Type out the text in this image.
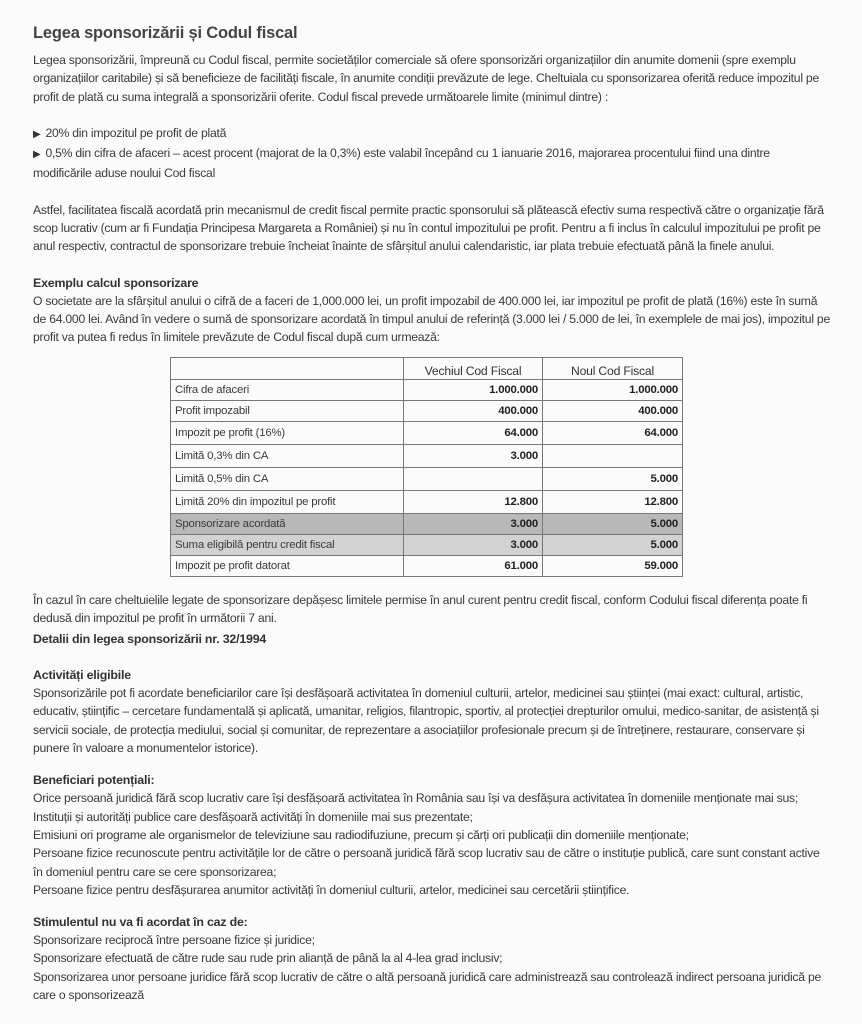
Legea sponsorizării și Codul fiscal

Legea sponsorizării, împreună cu Codul fiscal, permite societăților comerciale să ofere sponsorizări organizațiilor din anumite domenii (spre exemplu organizațiilor caritabile) și să beneficieze de facilități fiscale, în anumite condiții prevăzute de lege. Cheltuiala cu sponsorizarea oferită reduce impozitul pe profit de plată cu suma integrală a sponsorizării oferite. Codul fiscal prevede următoarele limite (minimul dintre) :

▶ 20% din impozitul pe profit de plată

▶ 0,5% din cifra de afaceri – acest procent (majorat de la 0,3%) este valabil începând cu 1 ianuarie 2016, majorarea procentului fiind una dintre modificările aduse noului Cod fiscal

Astfel, facilitatea fiscală acordată prin mecanismul de credit fiscal permite practic sponsorului să plătească efectiv suma respectivă către o organizație fără scop lucrativ (cum ar fi Fundația Principesa Margareta a României) și nu în contul impozitului pe profit. Pentru a fi inclus în calculul impozitului pe profit pe anul respectiv, contractul de sponsorizare trebuie încheiat înainte de sfârșitul anului calendaristic, iar plata trebuie efectuată până la finele anului.

Exemplu calcul sponsorizare

O societate are la sfârșitul anului o cifră de a faceri de 1,000.000 lei, un profit impozabil de 400.000 lei, iar impozitul pe profit de plată (16%) este în sumă de 64.000 lei. Având în vedere o sumă de sponsorizare acordată în timpul anului de referință (3.000 lei / 5.000 de lei, în exemplele de mai jos), impozitul pe profit va putea fi redus în limitele prevăzute de Codul fiscal după cum urmează:

	Vechiul Cod Fiscal	Noul Cod Fiscal
Cifra de afaceri	1.000.000	1.000.000
Profit impozabil	400.000	400.000
Impozit pe profit (16%)	64.000	64.000
Limită 0,3% din CA	3.000	
Limită 0,5% din CA		5.000
Limită 20% din impozitul pe profit	12.800	12.800
Sponsorizare acordată	3.000	5.000
Suma eligibilă pentru credit fiscal	3.000	5.000
Impozit pe profit datorat	61.000	59.000

În cazul în care cheltuielile legate de sponsorizare depășesc limitele permise în anul curent pentru credit fiscal, conform Codului fiscal diferența poate fi dedusă din impozitul pe profit în următorii 7 ani.

Detalii din legea sponsorizării nr. 32/1994
Activități eligibile

Sponsorizările pot fi acordate beneficiarilor care își desfășoară activitatea în domeniul culturii, artelor, medicinei sau științei (mai exact: cultural, artistic, educativ, științific – cercetare fundamentală și aplicată, umanitar, religios, filantropic, sportiv, al protecției drepturilor omului, medico-sanitar, de asistență și servicii sociale, de protecția mediului, social și comunitar, de reprezentare a asociațiilor profesionale precum și de întreținere, restaurare, conservare și punere în valoare a monumentelor istorice).

Beneficiari potențiali:

Orice persoană juridică fără scop lucrativ care își desfășoară activitatea în România sau își va desfășura activitatea în domeniile menționate mai sus;

Instituții și autorități publice care desfășoară activități în domeniile mai sus prezentate;

Emisiuni ori programe ale organismelor de televiziune sau radiodifuziune, precum și cărți ori publicații din domeniile menționate;

Persoane fizice recunoscute pentru activitățile lor de către o persoană juridică fără scop lucrativ sau de către o instituție publică, care sunt constant active în domeniul pentru care se cere sponsorizarea;

Persoane fizice pentru desfășurarea anumitor activități în domeniul culturii, artelor, medicinei sau cercetării științifice.

Stimulentul nu va fi acordat în caz de:

Sponsorizare reciprocă între persoane fizice și juridice;

Sponsorizare efectuată de către rude sau rude prin alianță de până la al 4-lea grad inclusiv;

Sponsorizarea unor persoane juridice fără scop lucrativ de către o altă persoană juridică care administrează sau controlează indirect persoana juridică pe care o sponsorizează
